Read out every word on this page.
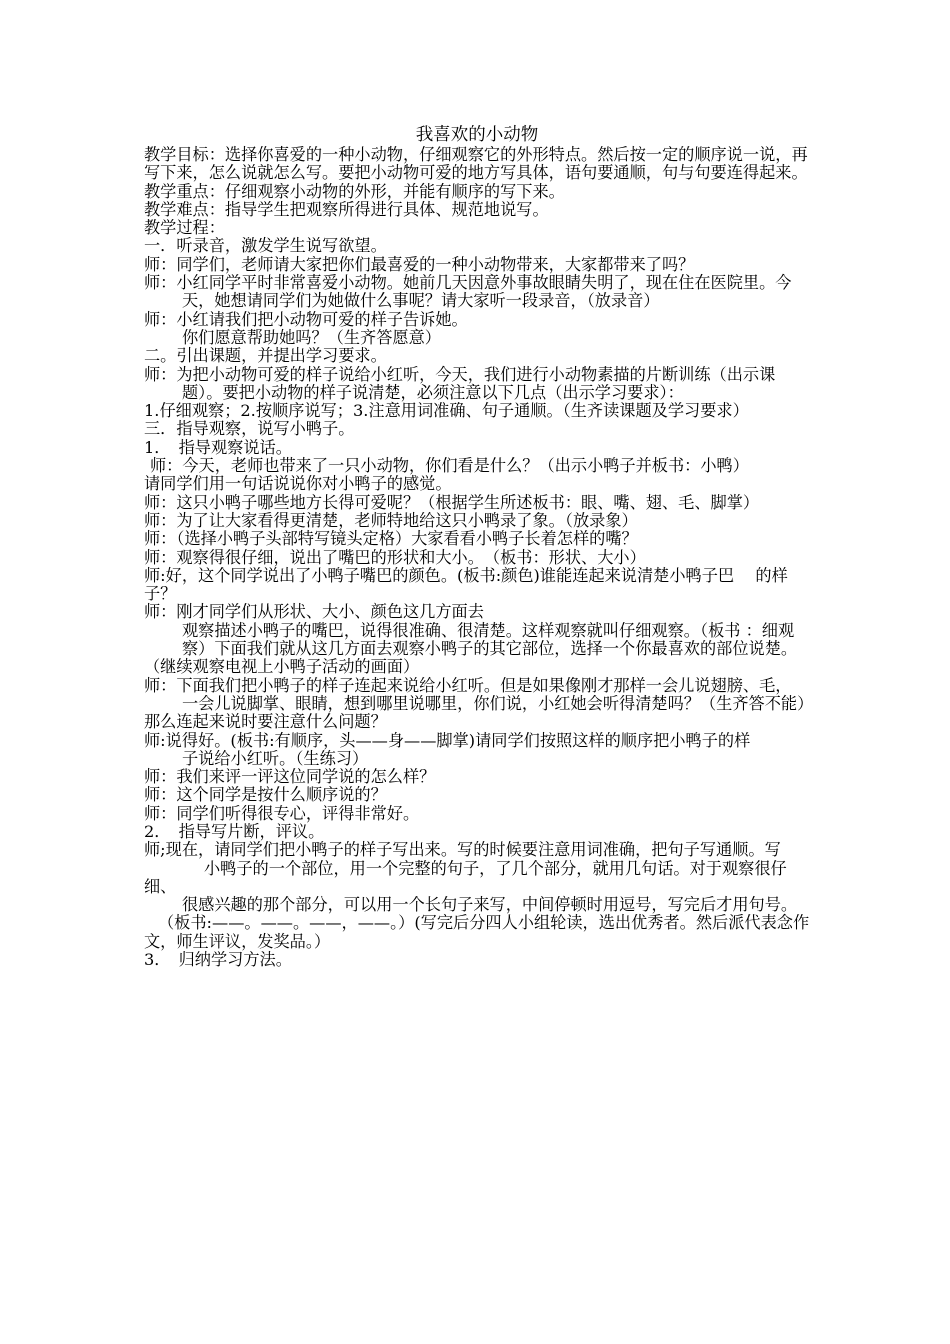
我喜欢的小动物

教学目标：选择你喜爱的一种小动物，仔细观察它的外形特点。然后按一定的顺序说一说，再写下来，怎么说就怎么写。要把小动物可爱的地方写具体，语句要通顺，句与句要连得起来。

教学重点：仔细观察小动物的外形，并能有顺序的写下来。

教学难点：指导学生把观察所得进行具体、规范地说写。

教学过程：

一．听录音，激发学生说写欲望。

师：同学们，老师请大家把你们最喜爱的一种小动物带来，大家都带来了吗？

师：小红同学平时非常喜爱小动物。她前几天因意外事故眼睛失明了，现在住在医院里。今

天，她想请同学们为她做什么事呢？请大家听一段录音，（放录音）

师：小红请我们把小动物可爱的样子告诉她。

你们愿意帮助她吗？（生齐答愿意）

二。引出课题，并提出学习要求。

师：为把小动物可爱的样子说给小红听，今天，我们进行小动物素描的片断训练（出示课

题）。要把小动物的样子说清楚，必须注意以下几点（出示学习要求）：

1.仔细观察；2.按顺序说写；3.注意用词准确、句子通顺。（生齐读课题及学习要求）

三．指导观察，说写小鸭子。

1．　指导观察说话。

师：今天，老师也带来了一只小动物，你们看是什么？（出示小鸭子并板书：小鸭）

请同学们用一句话说说你对小鸭子的感觉。

师：这只小鸭子哪些地方长得可爱呢？（根据学生所述板书：眼、嘴、翅、毛、脚掌）

师：为了让大家看得更清楚，老师特地给这只小鸭录了象。（放录象）

师：（选择小鸭子头部特写镜头定格）大家看看小鸭子长着怎样的嘴？

师：观察得很仔细，说出了嘴巴的形状和大小。　（板书：形状、大小）

师:好，这个同学说出了小鸭子嘴巴的颜色。(板书:颜色)谁能连起来说清楚小鸭子巴　 的样子？

师：刚才同学们从形状、大小、颜色这几方面去

观察描述小鸭子的嘴巴，说得很准确、很清楚。这样观察就叫仔细观察。（板书 ：细观

察）下面我们就从这几方面去观察小鸭子的其它部位，选择一个你最喜欢的部位说楚。（继续观察电视上小鸭子活动的画面）

师：下面我们把小鸭子的样子连起来说给小红听。但是如果像刚才那样一会儿说翅膀、毛，

一会儿说脚掌、眼睛，想到哪里说哪里，你们说，小红她会听得清楚吗？（生齐答不能）那么连起来说时要注意什么问题？

师:说得好。(板书:有顺序，头——身——脚掌)请同学们按照这样的顺序把小鸭子的样

子说给小红听。（生练习）

师：我们来评一评这位同学说的怎么样？

师：这个同学是按什么顺序说的？

师：同学们听得很专心，评得非常好。

2．　指导写片断，评议。

师;现在，请同学们把小鸭子的样子写出来。写的时候要注意用词准确，把句子写通顺。写

小鸭子的一个部位，用一个完整的句子，了几个部分，就用几句话。对于观察很仔细、

很感兴趣的那个部分，可以用一个长句子来写，中间停顿时用逗号，写完后才用句号。

（板书:——。——。——，——。）(写完后分四人小组轮读，选出优秀者。然后派代表念作文，师生评议，发奖品。）

3．　归纳学习方法。
